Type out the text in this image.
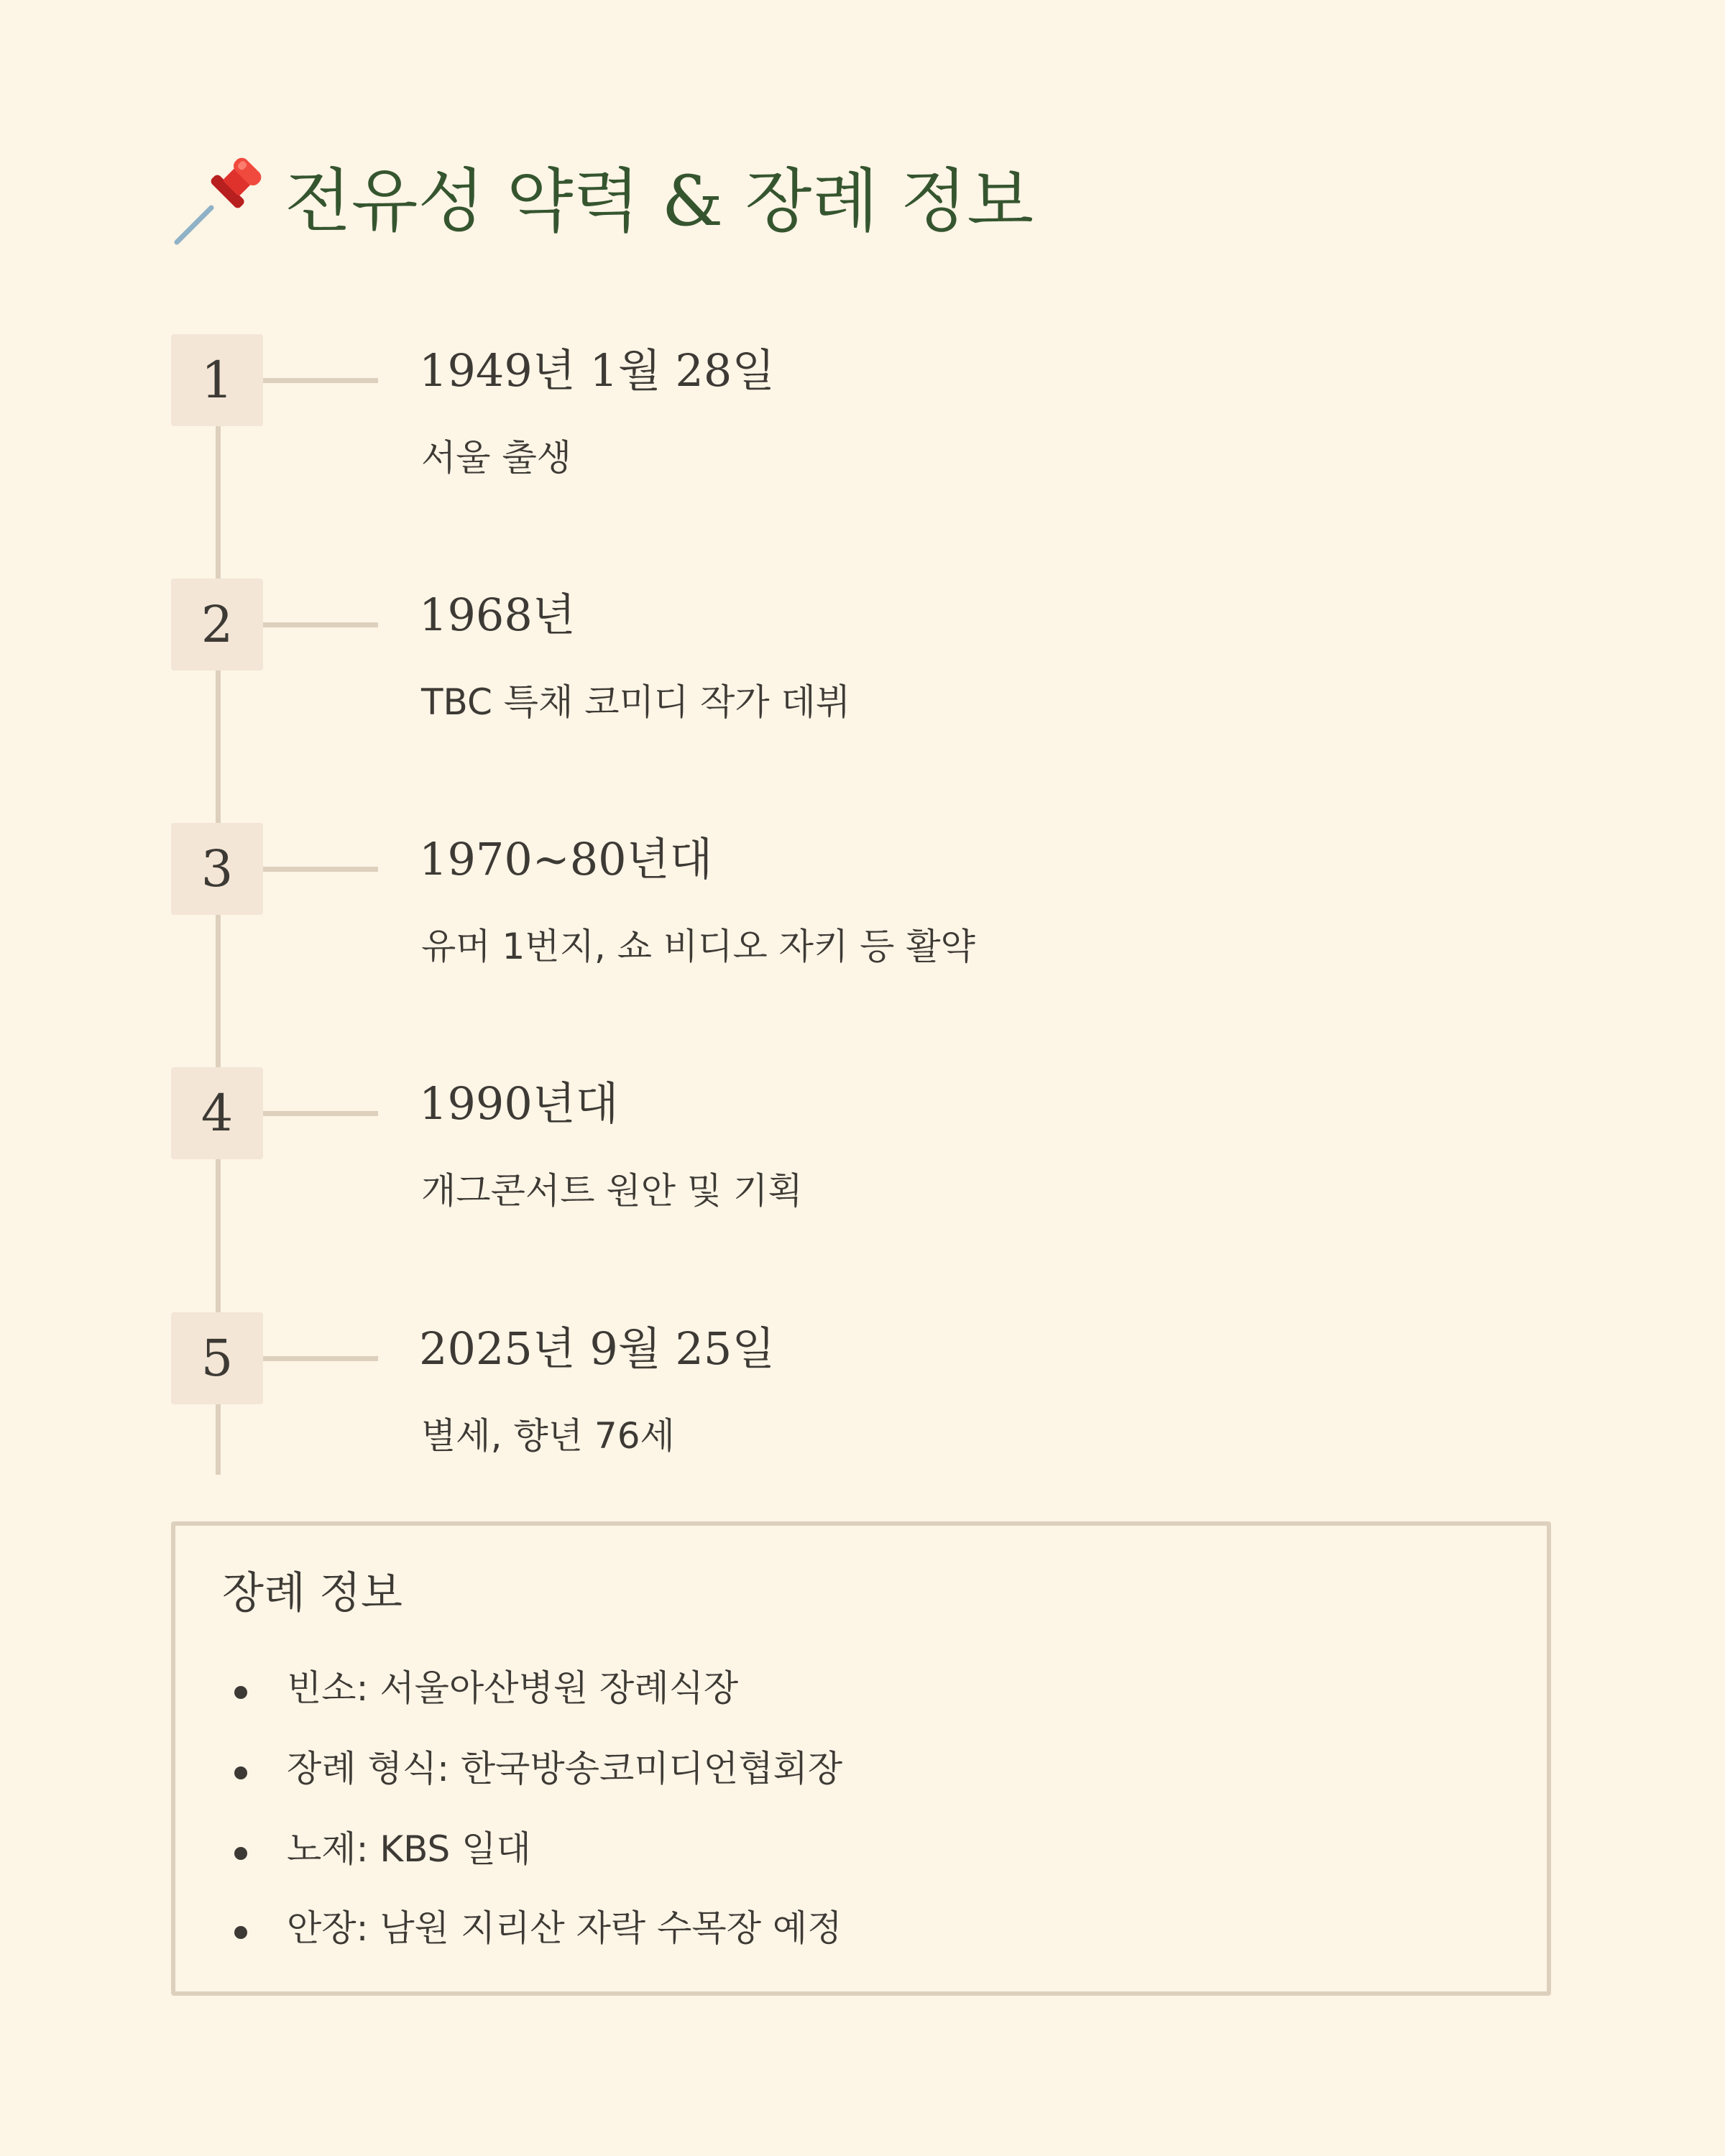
전유성 약력 & 장례 정보
1	1949년 1월 28일
서울 출생
2	1968년
TBC 특채 코미디 작가 데뷔
3	1970~80년대
유머 1번지, 쇼 비디오 자키 등 활약
4	1990년대
개그콘서트 원안 및 기획
5	2025년 9월 25일
별세, 향년 76세
장례 정보
빈소: 서울아산병원 장례식장
장례 형식: 한국방송코미디언협회장
노제: KBS 일대
안장: 남원 지리산 자락 수목장 예정
